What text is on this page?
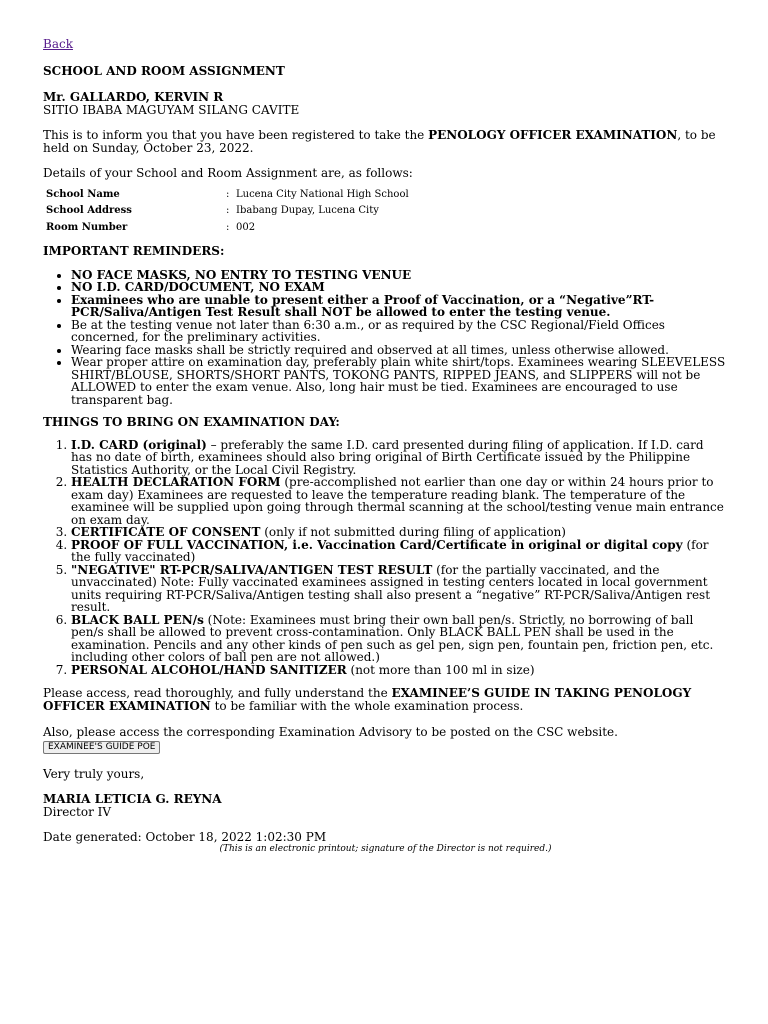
Back

SCHOOL AND ROOM ASSIGNMENT

Mr. GALLARDO, KERVIN R

SITIO IBABA MAGUYAM SILANG CAVITE

This is to inform you that you have been registered to take the PENOLOGY OFFICER EXAMINATION, to be held on Sunday, October 23, 2022.

Details of your School and Room Assignment are, as follows:

School Name	:	Lucena City National High School
School Address	:	Ibabang Dupay, Lucena City
Room Number	:	002

IMPORTANT REMINDERS:

• NO FACE MASKS, NO ENTRY TO TESTING VENUE
• NO I.D. CARD/DOCUMENT, NO EXAM
• Examinees who are unable to present either a Proof of Vaccination, or a “Negative”RT-PCR/Saliva/Antigen Test Result shall NOT be allowed to enter the testing venue.
• Be at the testing venue not later than 6:30 a.m., or as required by the CSC Regional/Field Offices concerned, for the preliminary activities.
• Wearing face masks shall be strictly required and observed at all times, unless otherwise allowed.
• Wear proper attire on examination day, preferably plain white shirt/tops. Examinees wearing SLEEVELESS SHIRT/BLOUSE, SHORTS/SHORT PANTS, TOKONG PANTS, RIPPED JEANS, and SLIPPERS will not be ALLOWED to enter the exam venue. Also, long hair must be tied. Examinees are encouraged to use transparent bag.

THINGS TO BRING ON EXAMINATION DAY:

1. I.D. CARD (original) – preferably the same I.D. card presented during filing of application. If I.D. card has no date of birth, examinees should also bring original of Birth Certificate issued by the Philippine Statistics Authority, or the Local Civil Registry.
2. HEALTH DECLARATION FORM (pre-accomplished not earlier than one day or within 24 hours prior to exam day) Examinees are requested to leave the temperature reading blank. The temperature of the examinee will be supplied upon going through thermal scanning at the school/testing venue main entrance on exam day.
3. CERTIFICATE OF CONSENT (only if not submitted during filing of application)
4. PROOF OF FULL VACCINATION, i.e. Vaccination Card/Certificate in original or digital copy (for the fully vaccinated)
5. "NEGATIVE" RT-PCR/SALIVA/ANTIGEN TEST RESULT (for the partially vaccinated, and the unvaccinated) Note: Fully vaccinated examinees assigned in testing centers located in local government units requiring RT-PCR/Saliva/Antigen testing shall also present a “negative” RT-PCR/Saliva/Antigen rest result.
6. BLACK BALL PEN/s (Note: Examinees must bring their own ball pen/s. Strictly, no borrowing of ball pen/s shall be allowed to prevent cross-contamination. Only BLACK BALL PEN shall be used in the examination. Pencils and any other kinds of pen such as gel pen, sign pen, fountain pen, friction pen, etc. including other colors of ball pen are not allowed.)
7. PERSONAL ALCOHOL/HAND SANITIZER (not more than 100 ml in size)

Please access, read thoroughly, and fully understand the EXAMINEE’S GUIDE IN TAKING PENOLOGY OFFICER EXAMINATION to be familiar with the whole examination process.

Also, please access the corresponding Examination Advisory to be posted on the CSC website.

EXAMINEE'S GUIDE POE

Very truly yours,

MARIA LETICIA G. REYNA

Director IV

Date generated: October 18, 2022 1:02:30 PM

(This is an electronic printout; signature of the Director is not required.)
